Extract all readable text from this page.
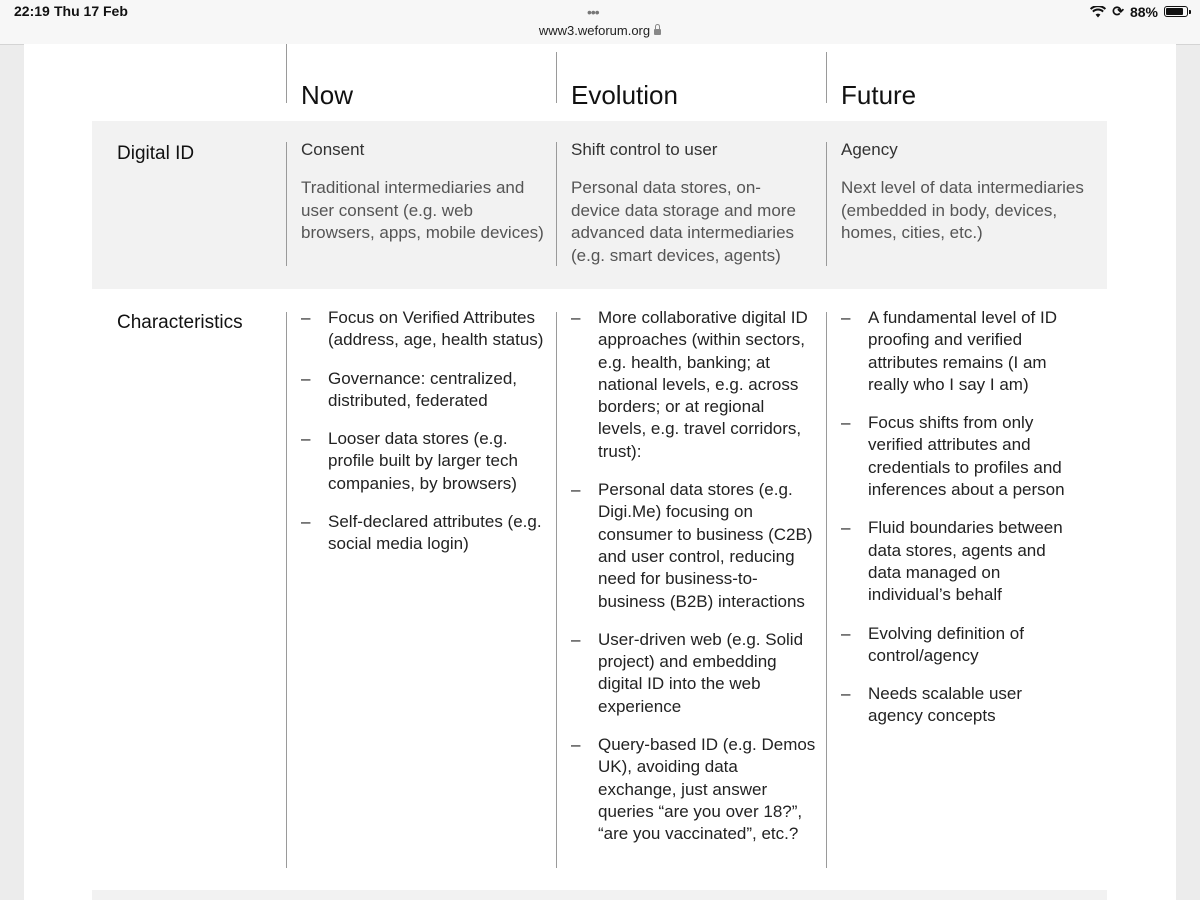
22:19 Thu 17 Feb	•••	⟳ 88%
www3.weforum.org
Now	Evolution	Future
Digital ID	Consent
Traditional intermediaries and user consent (e.g. web browsers, apps, mobile devices)
Shift control to user
Personal data stores, on-device data storage and more advanced data intermediaries (e.g. smart devices, agents)
Agency
Next level of data intermediaries (embedded in body, devices, homes, cities, etc.)
Characteristics
–	Focus on Verified Attributes (address, age, health status)
– Governance: centralized, distributed, federated
– Looser data stores (e.g. profile built by larger tech companies, by browsers)
– Self-declared attributes (e.g. social media login)
– More collaborative digital ID approaches (within sectors, e.g. health, banking; at national levels, e.g. across borders; or at regional levels, e.g. travel corridors, trust):
– Personal data stores (e.g. Digi.Me) focusing on consumer to business (C2B) and user control, reducing need for business-to-business (B2B) interactions
– User-driven web (e.g. Solid project) and embedding digital ID into the web experience
– Query-based ID (e.g. Demos UK), avoiding data exchange, just answer queries “are you over 18?”, “are you vaccinated”, etc.?
– A fundamental level of ID proofing and verified attributes remains (I am really who I say I am)
– Focus shifts from only verified attributes and credentials to profiles and inferences about a person
– Fluid boundaries between data stores, agents and data managed on individual’s behalf
– Evolving definition of control/agency
– Needs scalable user agency concepts
